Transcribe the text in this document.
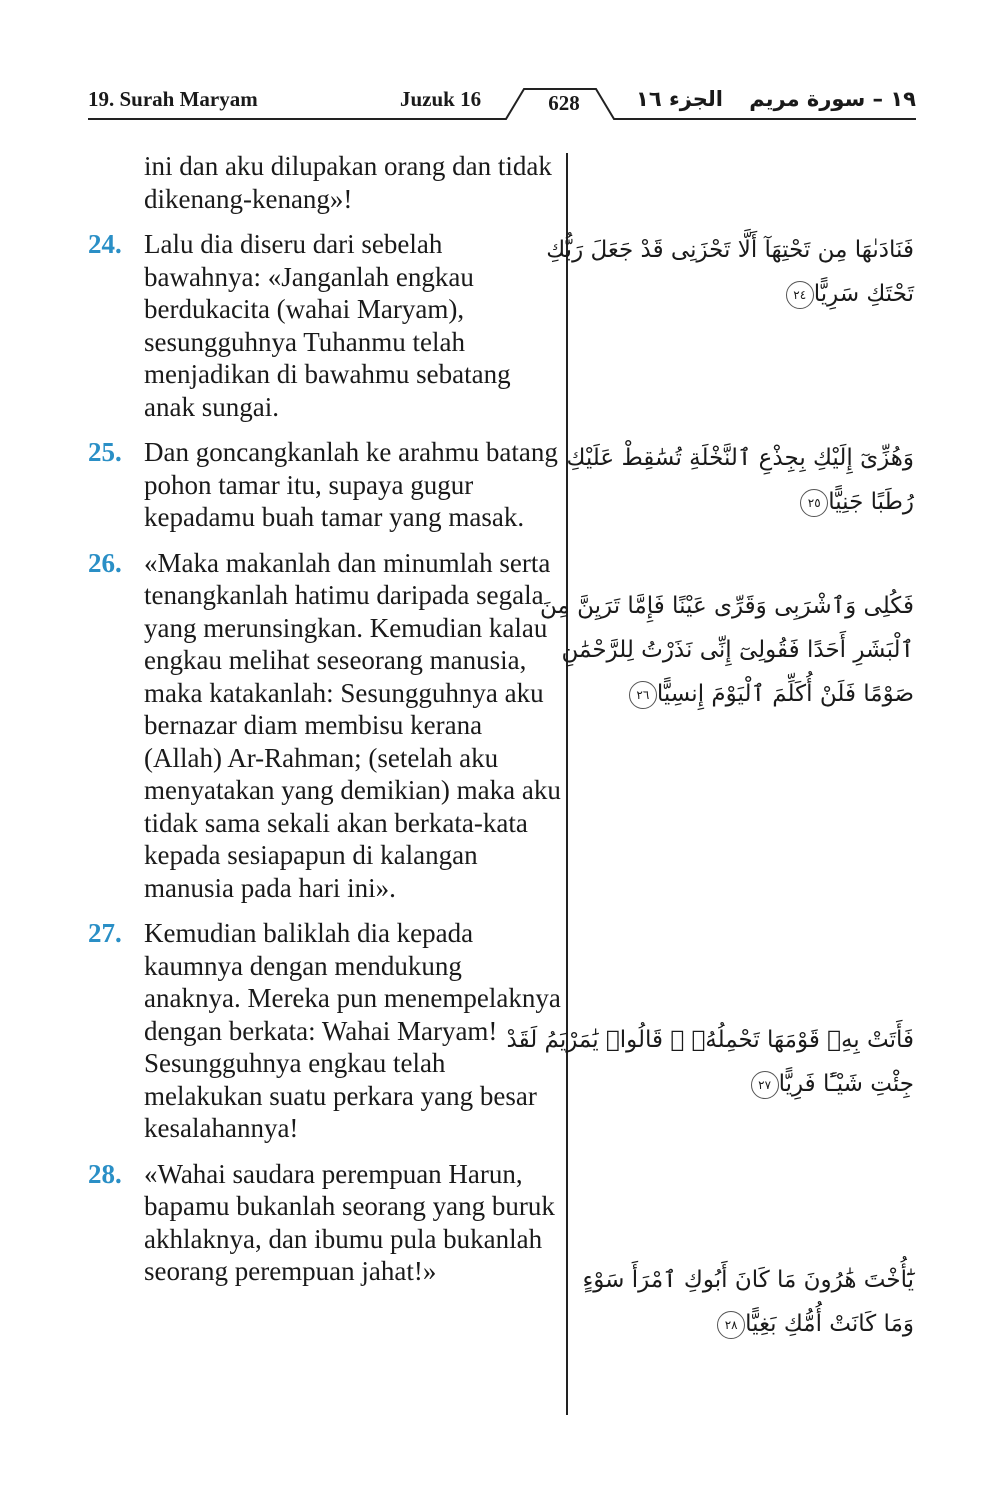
19. Surah Maryam	Juzuk 16	628	الجزء ١٦ ١٩ – سورة مريم
ini dan aku dilupakan orang dan tidak dikenang-kenang»!
24. Lalu dia diseru dari sebelah bawahnya: «Janganlah engkau berdukacita (wahai Maryam), sesungguhnya Tuhanmu telah menjadikan di bawahmu sebatang anak sungai.
25. Dan goncangkanlah ke arahmu batang pohon tamar itu, supaya gugur kepadamu buah tamar yang masak.
26. «Maka makanlah dan minumlah serta tenangkanlah hatimu daripada segala yang merunsingkan. Kemudian kalau engkau melihat seseorang manusia, maka katakanlah: Sesungguhnya aku bernazar diam membisu kerana (Allah) Ar-Rahman; (setelah aku menyatakan yang demikian) maka aku tidak sama sekali akan berkata-kata kepada sesiapapun di kalangan manusia pada hari ini».
27. Kemudian baliklah dia kepada kaumnya dengan mendukung anaknya. Mereka pun menempelaknya dengan berkata: Wahai Maryam! Sesungguhnya engkau telah melakukan suatu perkara yang besar kesalahannya!
28. «Wahai saudara perempuan Harun, bapamu bukanlah seorang yang buruk akhlaknya, dan ibumu pula bukanlah seorang perempuan jahat!»
فَنَادَىٰهَا مِن تَحْتِهَآ أَلَّا تَحْزَنِى قَدْ جَعَلَ رَبُّكِ
تَحْتَكِ سَرِيًّا٢٤
وَهُزِّىٓ إِلَيْكِ بِجِذْعِ ٱلنَّخْلَةِ تُسَٰقِطْ عَلَيْكِ
رُطَبًا جَنِيًّا٢٥
فَكُلِى وَٱشْرَبِى وَقَرِّى عَيْنًا فَإِمَّا تَرَيِنَّ مِنَ
ٱلْبَشَرِ أَحَدًا فَقُولِىٓ إِنِّى نَذَرْتُ لِلرَّحْمَٰنِ
صَوْمًا فَلَنْ أُكَلِّمَ ٱلْيَوْمَ إِنسِيًّا٢٦
فَأَتَتْ بِهِۦ قَوْمَهَا تَحْمِلُهُۥ ۖ قَالُوا۟ يَٰمَرْيَمُ لَقَدْ
جِئْتِ شَيْـًٔا فَرِيًّا٢٧
يَٰٓأُخْتَ هَٰرُونَ مَا كَانَ أَبُوكِ ٱمْرَأَ سَوْءٍ
وَمَا كَانَتْ أُمُّكِ بَغِيًّا٢٨
